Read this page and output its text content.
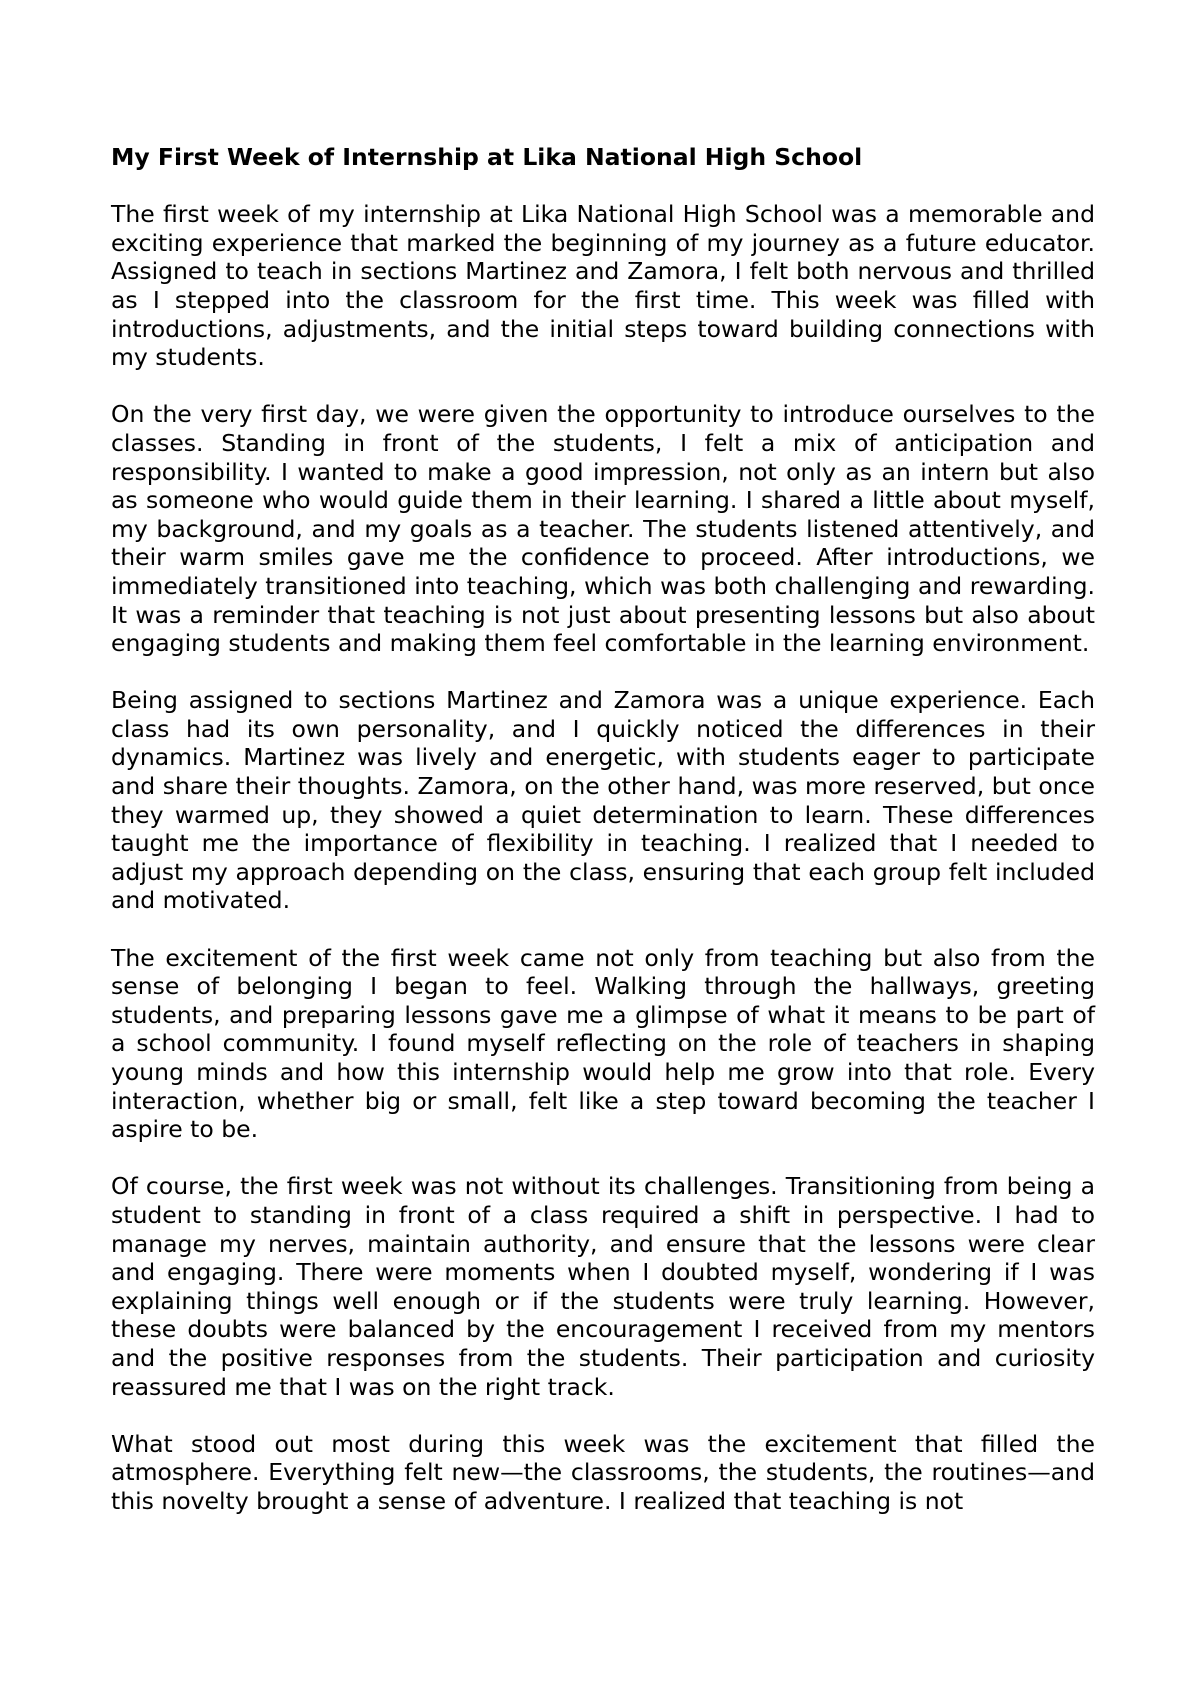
My First Week of Internship at Lika National High School

The first week of my internship at Lika National High School was a memorable and exciting experience that marked the beginning of my journey as a future educator. Assigned to teach in sections Martinez and Zamora, I felt both nervous and thrilled as I stepped into the classroom for the first time. This week was filled with introductions, adjustments, and the initial steps toward building connections with my students.

On the very first day, we were given the opportunity to introduce ourselves to the classes. Standing in front of the students, I felt a mix of anticipation and responsibility. I wanted to make a good impression, not only as an intern but also as someone who would guide them in their learning. I shared a little about myself, my background, and my goals as a teacher. The students listened attentively, and their warm smiles gave me the confidence to proceed. After introductions, we immediately transitioned into teaching, which was both challenging and rewarding. It was a reminder that teaching is not just about presenting lessons but also about engaging students and making them feel comfortable in the learning environment.

Being assigned to sections Martinez and Zamora was a unique experience. Each class had its own personality, and I quickly noticed the differences in their dynamics. Martinez was lively and energetic, with students eager to participate and share their thoughts. Zamora, on the other hand, was more reserved, but once they warmed up, they showed a quiet determination to learn. These differences taught me the importance of flexibility in teaching. I realized that I needed to adjust my approach depending on the class, ensuring that each group felt included and motivated.

The excitement of the first week came not only from teaching but also from the sense of belonging I began to feel. Walking through the hallways, greeting students, and preparing lessons gave me a glimpse of what it means to be part of a school community. I found myself reflecting on the role of teachers in shaping young minds and how this internship would help me grow into that role. Every interaction, whether big or small, felt like a step toward becoming the teacher I aspire to be.

Of course, the first week was not without its challenges. Transitioning from being a student to standing in front of a class required a shift in perspective. I had to manage my nerves, maintain authority, and ensure that the lessons were clear and engaging. There were moments when I doubted myself, wondering if I was explaining things well enough or if the students were truly learning. However, these doubts were balanced by the encouragement I received from my mentors and the positive responses from the students. Their participation and curiosity reassured me that I was on the right track.

What stood out most during this week was the excitement that filled the atmosphere. Everything felt new—the classrooms, the students, the routines—and this novelty brought a sense of adventure. I realized that teaching is not
